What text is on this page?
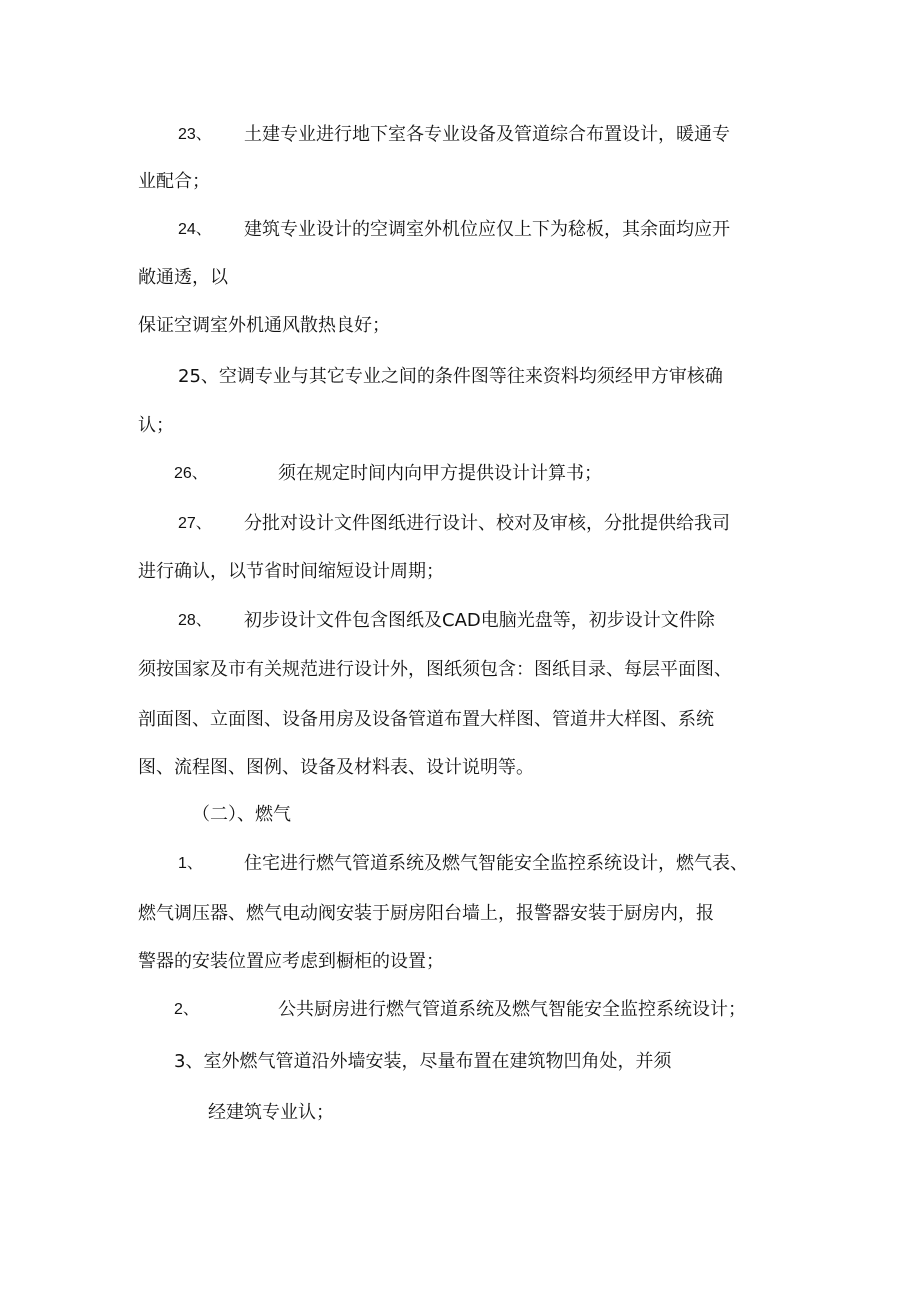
23、 土建专业进行地下室各专业设备及管道综合布置设计，暖通专
业配合；
24、 建筑专业设计的空调室外机位应仅上下为稔板，其余面均应开
敞通透，以
保证空调室外机通风散热良好；
25、空调专业与其它专业之间的条件图等往来资料均须经甲方审核确
认；
26、	须在规定时间内向甲方提供设计计算书；
27、 分批对设计文件图纸进行设计、校对及审核，分批提供给我司
进行确认，以节省时间缩短设计周期；
28、 初步设计文件包含图纸及CAD电脑光盘等，初步设计文件除
须按国家及市有关规范进行设计外，图纸须包含：图纸目录、每层平面图、
剖面图、立面图、设备用房及设备管道布置大样图、管道井大样图、系统
图、流程图、图例、设备及材料表、设计说明等。
（二）、燃气
1、 住宅进行燃气管道系统及燃气智能安全监控系统设计，燃气表、
燃气调压器、燃气电动阀安装于厨房阳台墙上，报警器安装于厨房内，报
警器的安装位置应考虑到橱柜的设置；
2、	公共厨房进行燃气管道系统及燃气智能安全监控系统设计；
3、室外燃气管道沿外墙安装，尽量布置在建筑物凹角处，并须
经建筑专业认；
